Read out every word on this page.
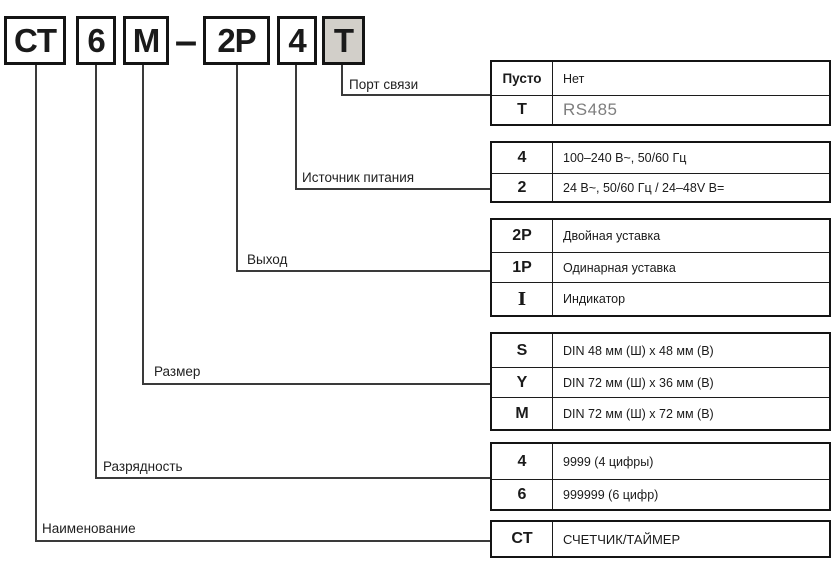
CT 6 M – 2P 4 T
Порт связи
Источник питания
Выход
Размер
Разрядность
Наименование
Пусто	Нет
T	RS485
4	100–240 В~, 50/60 Гц
2	24 В~, 50/60 Гц / 24–48V В=
2P	Двойная уставка
1P	Одинарная уставка
I	Индикатор
S	DIN 48 мм (Ш) x 48 мм (В)
Y	DIN 72 мм (Ш) x 36 мм (В)
M	DIN 72 мм (Ш) x 72 мм (В)
4	9999 (4 цифры)
6	999999 (6 цифр)
CT	СЧЕТЧИК/ТАЙМЕР
